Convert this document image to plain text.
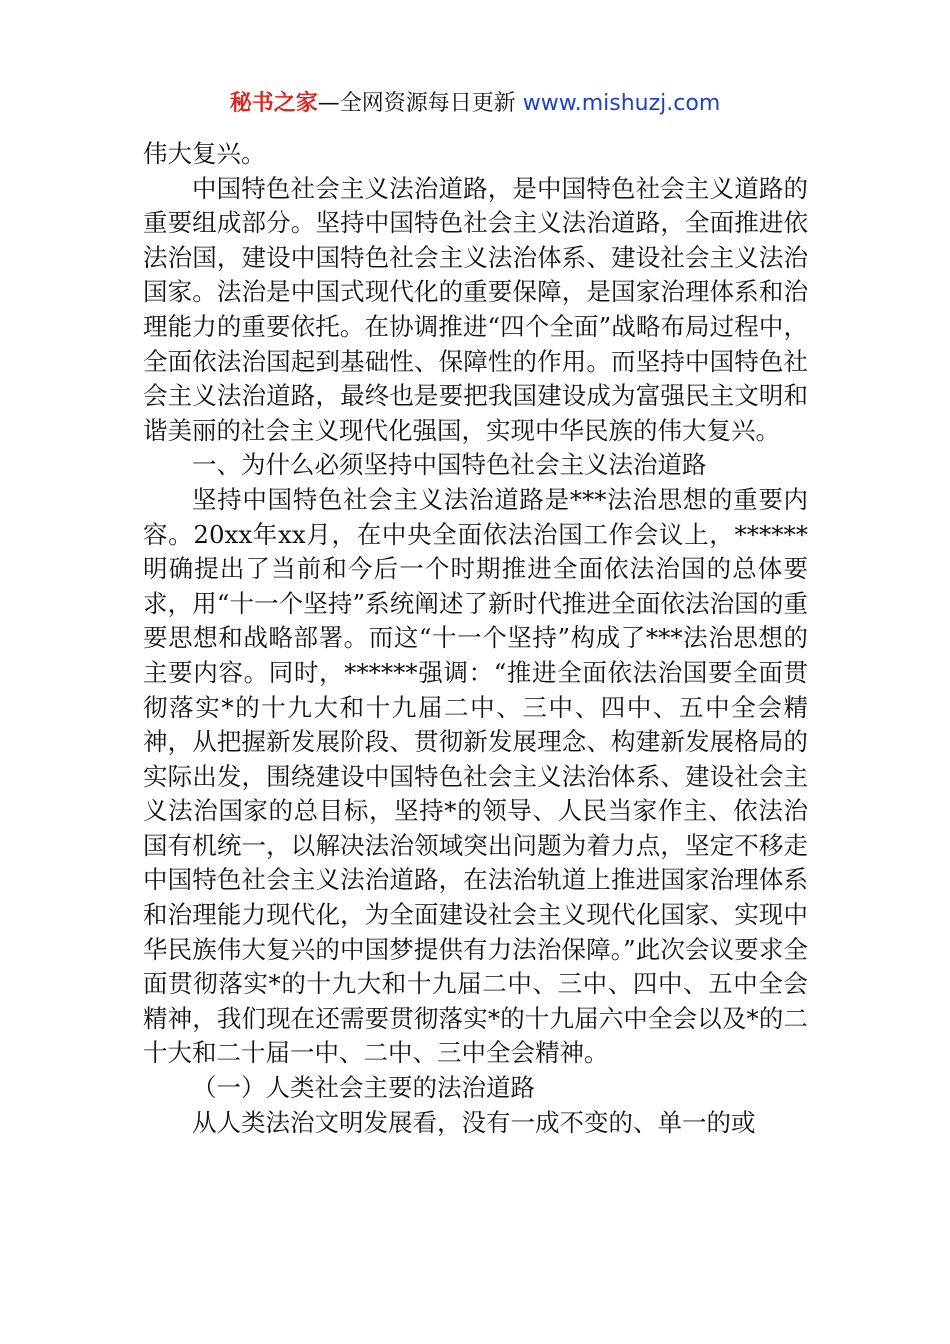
秘书之家—全网资源每日更新 www.mishuzj.com

伟大复兴。

中国特色社会主义法治道路，是中国特色社会主义道路的重要组成部分。坚持中国特色社会主义法治道路，全面推进依法治国，建设中国特色社会主义法治体系、建设社会主义法治国家。法治是中国式现代化的重要保障，是国家治理体系和治理能力的重要依托。在协调推进“四个全面”战略布局过程中，全面依法治国起到基础性、保障性的作用。而坚持中国特色社会主义法治道路，最终也是要把我国建设成为富强民主文明和谐美丽的社会主义现代化强国，实现中华民族的伟大复兴。

一、为什么必须坚持中国特色社会主义法治道路

坚持中国特色社会主义法治道路是***法治思想的重要内容。20xx年xx月，在中央全面依法治国工作会议上，******明确提出了当前和今后一个时期推进全面依法治国的总体要求，用“十一个坚持”系统阐述了新时代推进全面依法治国的重要思想和战略部署。而这“十一个坚持”构成了***法治思想的主要内容。同时，******强调：“推进全面依法治国要全面贯彻落实*的十九大和十九届二中、三中、四中、五中全会精神，从把握新发展阶段、贯彻新发展理念、构建新发展格局的实际出发，围绕建设中国特色社会主义法治体系、建设社会主义法治国家的总目标，坚持*的领导、人民当家作主、依法治国有机统一，以解决法治领域突出问题为着力点，坚定不移走中国特色社会主义法治道路，在法治轨道上推进国家治理体系和治理能力现代化，为全面建设社会主义现代化国家、实现中华民族伟大复兴的中国梦提供有力法治保障。”此次会议要求全面贯彻落实*的十九大和十九届二中、三中、四中、五中全会精神，我们现在还需要贯彻落实*的十九届六中全会以及*的二十大和二十届一中、二中、三中全会精神。

（一）人类社会主要的法治道路

从人类法治文明发展看，没有一成不变的、单一的或
